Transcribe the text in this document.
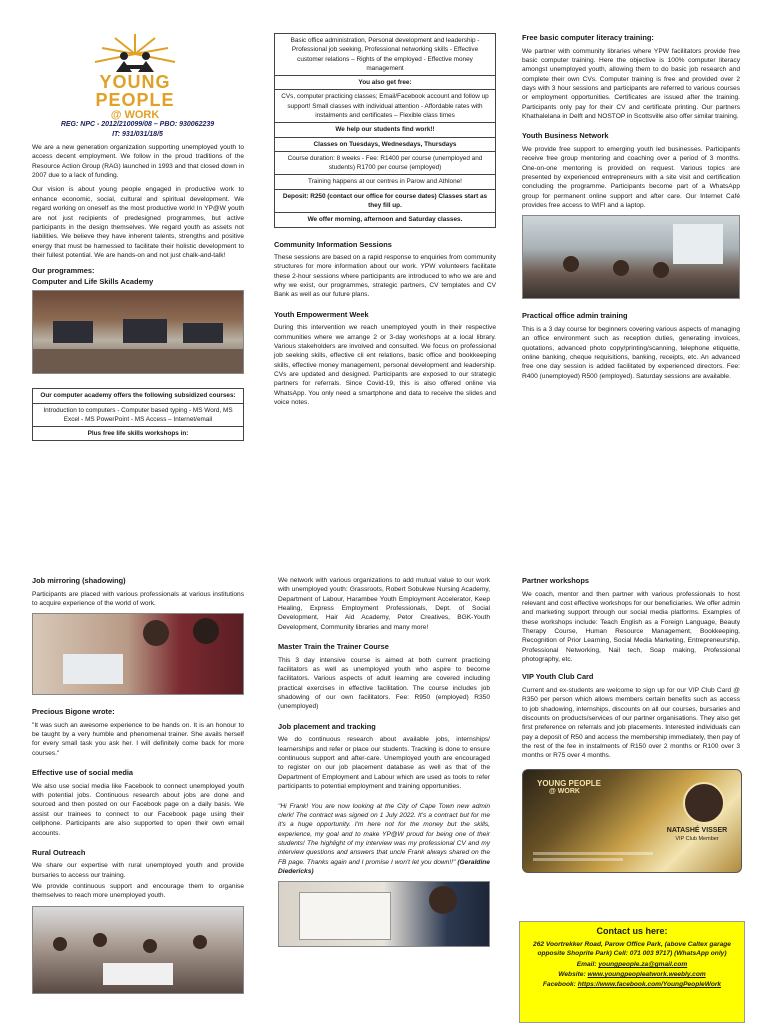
YOUNG
PEOPLE
@ WORK
REG: NPC - 2012/210099/08 – PBO: 930062239
IT: 931/031/18/5

We are a new generation organization supporting unemployed youth to access decent employment. We follow in the proud traditions of the Resource Action Group (RAG) launched in 1993 and that closed down in 2007 due to a lack of funding.

Our vision is about young people engaged in productive work to enhance economic, social, cultural and spiritual development. We regard working on oneself as the most productive work! In YP@W youth are not just recipients of predesigned programmes, but active participants in the design themselves. We regard youth as assets not liabilities. We believe they have inherent talents, strengths and positive energy that must be harnessed to facilitate their holistic development to their fullest potential. We are hands-on and not just chalk-and-talk!

Our programmes:
Computer and Life Skills Academy
Our computer academy offers the following subsidized courses:
Introduction to computers - Computer based typing - MS Word, MS Excel - MS PowerPoint - MS Access – Internet/email
Plus free life skills workshops in:
Basic office administration, Personal development and leadership - Professional job seeking, Professional networking skills - Effective customer relations – Rights of the employed - Effective money management
You also get free:
CVs, computer practicing classes; Email/Facebook account and follow up support! Small classes with individual attention - Affordable rates with instalments and certificates – Flexible class times
We help our students find work!!
Classes on Tuesdays, Wednesdays, Thursdays
Course duration: 8 weeks - Fee: R1400 per course (unemployed and students) R1700 per course (employed)
Training happens at our centres in Parow and Athlone!
Deposit: R250 (contact our office for course dates) Classes start as they fill up.
We offer morning, afternoon and Saturday classes.
Community Information Sessions

These sessions are based on a rapid response to enquiries from community structures for more information about our work. YPW volunteers facilitate these 2-hour sessions where participants are introduced to who we are and why we exist, our programmes, strategic partners, CV templates and CV Bank as well as our future plans.

Youth Empowerment Week

During this intervention we reach unemployed youth in their respective communities where we arrange 2 or 3-day workshops at a local library. Various stakeholders are involved and consulted. We focus on professional job seeking skills, effective cli ent relations, basic office and bookkeeping skills, effective money management, personal development and leadership. CVs are updated and designed. Participants are exposed to our strategic partners for referrals. Since Covid-19, this is also offered online via WhatsApp. You only need a smartphone and data to receive the slides and voice notes.

Free basic computer literacy training:

We partner with community libraries where YPW facilitators provide free basic computer training. Here the objective is 100% computer literacy amongst unemployed youth, allowing them to do basic job research and complete their own CVs. Computer training is free and provided over 2 days with 3 hour sessions and participants are referred to various courses or employment opportunities. Certificates are issued after the training. Participants only pay for their CV and certificate printing. Our partners Khathalelana in Delft and NOSTOP in Scottsville also offer similar training.

Youth Business Network

We provide free support to emerging youth led businesses. Participants receive free group mentoring and coaching over a period of 3 months. One-on-one mentoring is provided on request. Various topics are presented by experienced entrepreneurs with a site visit and certification concluding the programme. Participants become part of a WhatsApp group for permanent online support and after care. Our Internet Café provides free access to WIFI and a laptop.

Practical office admin training

This is a 3 day course for beginners covering various aspects of managing an office environment such as reception duties, generating invoices, quotations, advanced photo copy/printing/scanning, telephone etiquette, online banking, cheque requisitions, banking, receipts, etc. An advanced free one day session is added facilitated by experienced directors. Fee: R400 (unemployed) R500 (employed). Saturday sessions are available.

Job mirroring (shadowing)

Participants are placed with various professionals at various institutions to acquire experience of the world of work.

Precious Bigone wrote:

"It was such an awesome experience to be hands on. It is an honour to be taught by a very humble and phenomenal trainer. She avails herself for every small task you ask her. I will definitely come back for more courses."

Effective use of social media

We also use social media like Facebook to connect unemployed youth with potential jobs. Continuous research about jobs are done and sourced and then posted on our Facebook page on a daily basis. We assist our trainees to connect to our Facebook page using their cellphone. Participants are also supported to open their own email accounts.

Rural Outreach

We share our expertise with rural unemployed youth and provide bursaries to access our training.

We provide continuous support and encourage them to organise themselves to reach more unemployed youth.

We network with various organizations to add mutual value to our work with unemployed youth: Grassroots, Robert Sobukwe Nursing Academy, Department of Labour, Harambee Youth Employment Accelerator, Keep Healing, Express Employment Professionals, Dept. of Social Development, Hair Aid Academy, Petor Creatives, BGK-Youth Development, Community libraries and many more!

Master Train the Trainer Course

This 3 day intensive course is aimed at both current practicing facilitators as well as unemployed youth who aspire to become facilitators. Various aspects of adult learning are covered including practical exercises in effective facilitation. The course includes job shadowing of our own facilitators. Fee: R950 (employed) R350 (unemployed)

Job placement and tracking

We do continuous research about available jobs, internships/ learnerships and refer or place our students. Tracking is done to ensure continuous support and after-care. Unemployed youth are encouraged to register on our job placement database as well as that of the Department of Employment and Labour which are used as tools to refer participants to potential employment and training opportunities.

"Hi Frank! You are now looking at the City of Cape Town new admin clerk! The contract was signed on 1 July 2022. It's a contract but for me it's a huge opportunity. I'm here not for the money but the skills, experience, my goal and to make YP@W proud for being one of their students! The highlight of my interview was my professional CV and my interview questions and answers that uncle Frank always shared on the FB page. Thanks again and I promise I won't let you down!!" (Geraldine Diedericks)

Partner workshops

We coach, mentor and then partner with various professionals to host relevant and cost effective workshops for our beneficiaries. We offer admin and marketing support through our social media platforms. Examples of these workshops include: Teach English as a Foreign Language, Beauty Therapy Course, Human Resource Management, Bookkeeping, Recognition of Prior Learning, Social Media Marketing, Entrepreneurship, Professional Networking, Nail tech, Soap making, Professional photography, etc.

VIP Youth Club Card

Current and ex-students are welcome to sign up for our VIP Club Card @ R350 per person which allows members certain benefits such as access to job shadowing, internships, discounts on all our courses, bursaries and discounts on products/services of our partner organisations. They also get first preference on referrals and job placements. Interested individuals can pay a deposit of R50 and access the membership immediately, then pay of the rest of the fee in instalments of R150 over 2 months or R100 over 3 months or R75 over 4 months.

YOUNG PEOPLE
@ WORK
NATASHÉ VISSER
VIP Club Member
Contact us here:
262 Voortrekker Road, Parow Office Park, (above Caltex garage opposite Shoprite Park) Cell: 071 003 9717) (WhatsApp only)
Email: youngpeople.za@gmail.com
Website: www.youngpeopleatwork.weebly.com
Facebook: https://www.facebook.com/YoungPeopleWork
